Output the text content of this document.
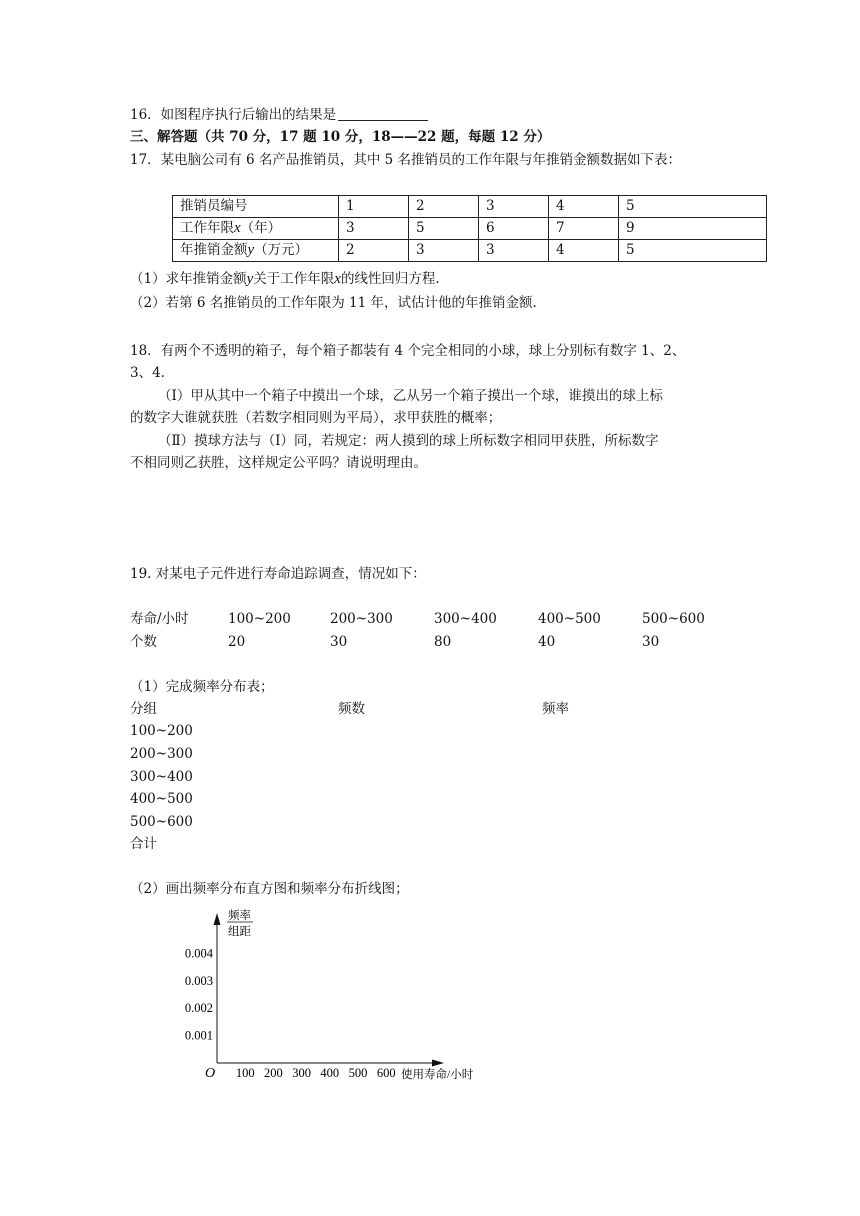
16．如图程序执行后输出的结果是
三、解答题（共 70 分，17 题 10 分，18——22 题，每题 12 分）
17．某电脑公司有 6 名产品推销员，其中 5 名推销员的工作年限与年推销金额数据如下表：
推销员编号	1	2	3	4	5
工作年限x（年）	3	5	6	7	9
年推销金额y（万元）	2	3	3	4	5
（1）求年推销金额y关于工作年限x的线性回归方程.
（2）若第 6 名推销员的工作年限为 11 年，试估计他的年推销金额.
18．有两个不透明的箱子，每个箱子都装有 4 个完全相同的小球，球上分别标有数字 1、2、
3、4.
（Ⅰ）甲从其中一个箱子中摸出一个球，乙从另一个箱子摸出一个球，谁摸出的球上标
的数字大谁就获胜（若数字相同则为平局），求甲获胜的概率；
（Ⅱ）摸球方法与（Ⅰ）同，若规定：两人摸到的球上所标数字相同甲获胜，所标数字
不相同则乙获胜，这样规定公平吗？请说明理由。
19. 对某电子元件进行寿命追踪调查，情况如下：
寿命/小时	100~200	200~300	300~400	400~500	500~600
个数	20	30	80	40	30
（1）完成频率分布表；
分组	频数	频率
100~200
200~300
300~400
400~500
500~600
合计
（2）画出频率分布直方图和频率分布折线图；
频率
组距
0.001
0.002
0.003
0.004
100 200 300 400 500 600
O	使用寿命/小时
